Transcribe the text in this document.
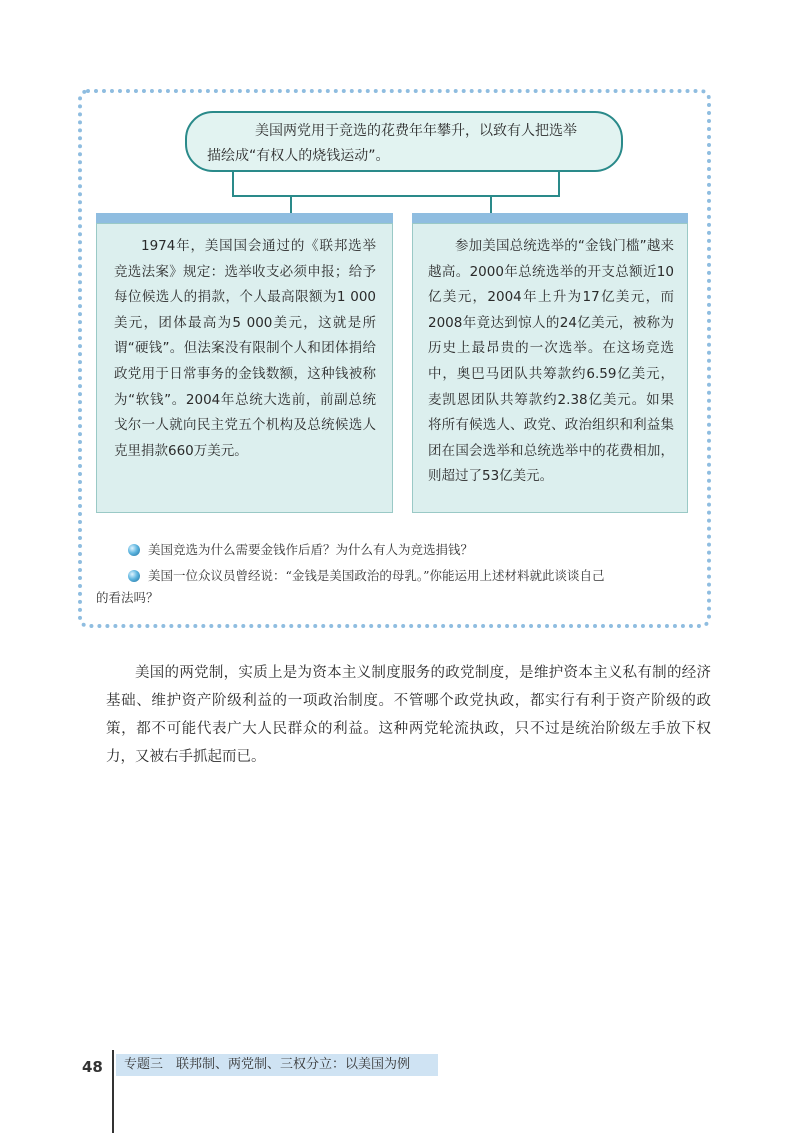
美国两党用于竞选的花费年年攀升，以致有人把选举
描绘成“有权人的烧钱运动”。
1974年，美国国会通过的《联邦选举竞选法案》规定：选举收支必须申报；给予每位候选人的捐款，个人最高限额为1 000美元，团体最高为5 000美元，这就是所谓“硬钱”。但法案没有限制个人和团体捐给政党用于日常事务的金钱数额，这种钱被称为“软钱”。2004年总统大选前，前副总统戈尔一人就向民主党五个机构及总统候选人克里捐款660万美元。
参加美国总统选举的“金钱门槛”越来越高。2000年总统选举的开支总额近10亿美元，2004年上升为17亿美元，而2008年竟达到惊人的24亿美元，被称为历史上最昂贵的一次选举。在这场竞选中，奥巴马团队共筹款约6.59亿美元，麦凯恩团队共筹款约2.38亿美元。如果将所有候选人、政党、政治组织和利益集团在国会选举和总统选举中的花费相加，则超过了53亿美元。
美国竞选为什么需要金钱作后盾？为什么有人为竞选捐钱？
美国一位众议员曾经说：“金钱是美国政治的母乳。”你能运用上述材料就此谈谈自己
的看法吗？
美国的两党制，实质上是为资本主义制度服务的政党制度，是维护资本主义私有制的经济基础、维护资产阶级利益的一项政治制度。不管哪个政党执政，都实行有利于资产阶级的政策，都不可能代表广大人民群众的利益。这种两党轮流执政，只不过是统治阶级左手放下权力，又被右手抓起而已。
48	专题三　联邦制、两党制、三权分立：以美国为例
